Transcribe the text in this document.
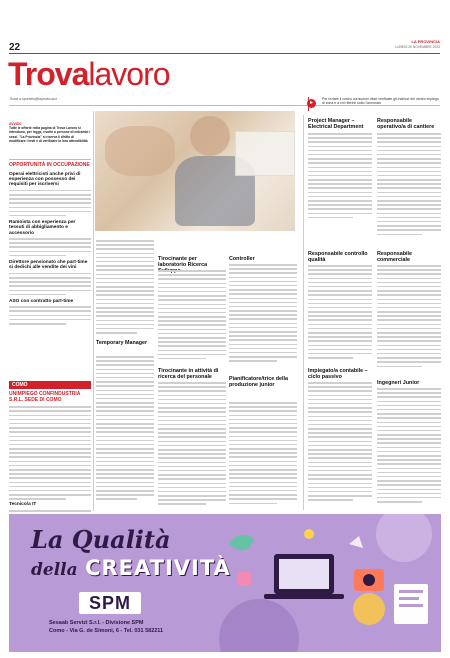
22
LA PROVINCIA
LUNEDÌ 20 NOVEMBRE 2023
Trovalavoro
Scrivi a sportello@laprovincia.it
▸
Per inviare il vostro curriculum vitae verificate gli indirizzi del centro impiego di zona e a chi riferirsi sotto l'annuncio
AVVISO
Tutte le offerte nella pagina di Trova Lavoro si intendono, per legge, rivolte a persone di entrambi i sessi. "La Provincia" si riserva il diritto di modificare i testi e di verificare la loro attendibilità
OPPORTUNITÀ IN OCCUPAZIONE
Operai elettricisti anche privi di esperienza con possesso dei requisiti per iscriversi
Ramoista con esperienza per tessuti di abbigliamento e accessorio
Direttore pensionato che part-time si dedichi alle vendite dei vini
ASO con contratto part-time
COMO
UNIMPIEGO CONFINDUSTRIA S.R.L. SEDE DI COMO
Tecnico/a IT
Temporary Manager
Tirocinante per laboratorio Ricerca
Tirocinante in attività di ricerca del personale
Controller
Pianificatore/trice della produzione junior
Project Manager – Electrical Department
Responsabile controllo qualità
Impiegato/a contabile – ciclo passivo
Responsabile operativo/a di cantiere
Responsabile commerciale
Ingegneri Junior
La Qualità
della CREATIVITÀ
SPM
Sesaab Servizi S.r.l. - Divisione SPM
Como - Via G. de Simoni, 6 - Tel. 031 582211
